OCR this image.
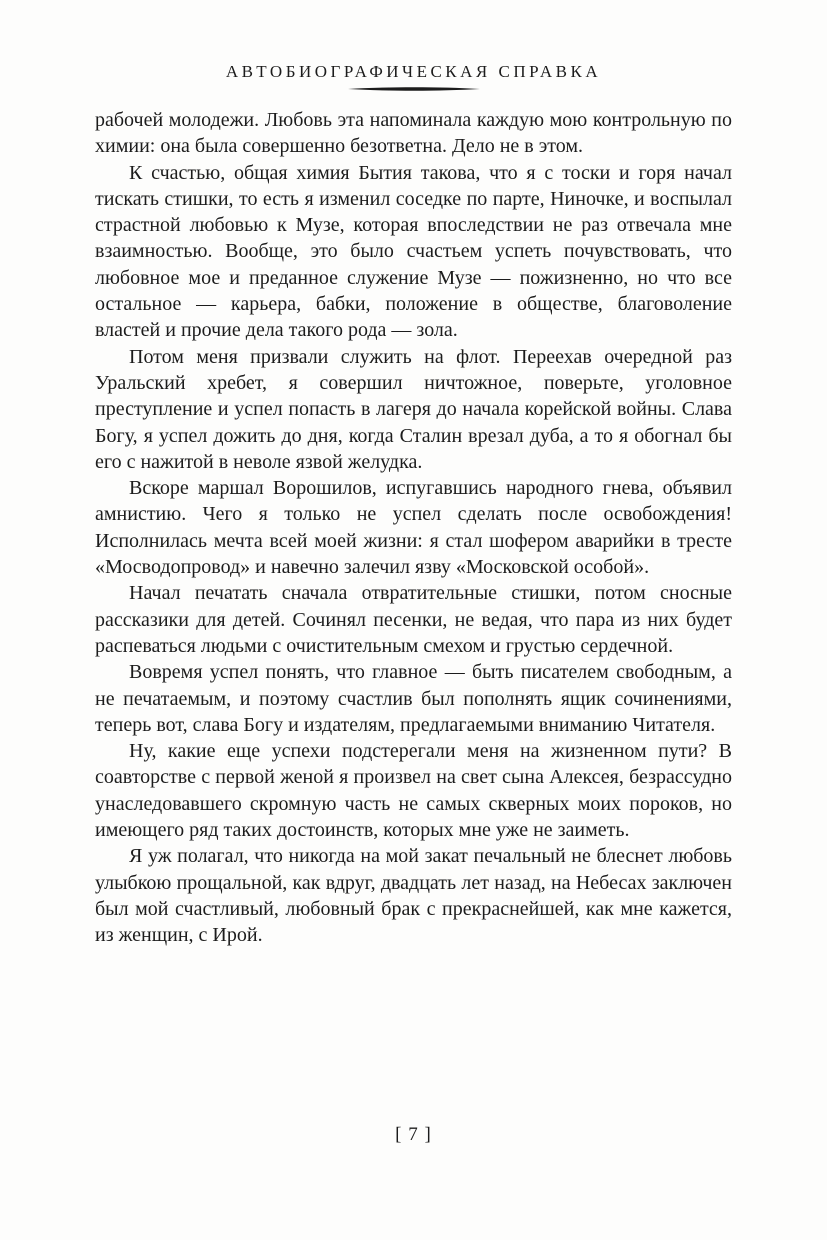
АВТОБИОГРАФИЧЕСКАЯ СПРАВКА

рабочей молодежи. Любовь эта напоминала каждую мою контрольную по химии: она была совершенно безответна. Дело не в этом.

К счастью, общая химия Бытия такова, что я с тоски и горя начал тискать стишки, то есть я изменил соседке по парте, Ниночке, и воспылал страстной любовью к Музе, которая впоследствии не раз отвечала мне взаимностью. Вообще, это было счастьем успеть почувствовать, что любовное мое и преданное служение Музе — пожизненно, но что все остальное — карьера, бабки, положение в обществе, благоволение властей и прочие дела такого рода — зола.

Потом меня призвали служить на флот. Переехав очередной раз Уральский хребет, я совершил ничтожное, поверьте, уголовное преступление и успел попасть в лагеря до начала корейской войны. Слава Богу, я успел дожить до дня, когда Сталин врезал дуба, а то я обогнал бы его с нажитой в неволе язвой желудка.

Вскоре маршал Ворошилов, испугавшись народного гнева, объявил амнистию. Чего я только не успел сделать после освобождения! Исполнилась мечта всей моей жизни: я стал шофером аварийки в тресте «Мосводопровод» и навечно залечил язву «Московской особой».

Начал печатать сначала отвратительные стишки, потом сносные рассказики для детей. Сочинял песенки, не ведая, что пара из них будет распеваться людьми с очистительным смехом и грустью сердечной.

Вовремя успел понять, что главное — быть писателем свободным, а не печатаемым, и поэтому счастлив был пополнять ящик сочинениями, теперь вот, слава Богу и издателям, предлагаемыми вниманию Читателя.

Ну, какие еще успехи подстерегали меня на жизненном пути? В соавторстве с первой женой я произвел на свет сына Алексея, безрассудно унаследовавшего скромную часть не самых скверных моих пороков, но имеющего ряд таких достоинств, которых мне уже не заиметь.

Я уж полагал, что никогда на мой закат печальный не блеснет любовь улыбкою прощальной, как вдруг, двадцать лет назад, на Небесах заключен был мой счастливый, любовный брак с прекраснейшей, как мне кажется, из женщин, с Ирой.

[ 7 ]
